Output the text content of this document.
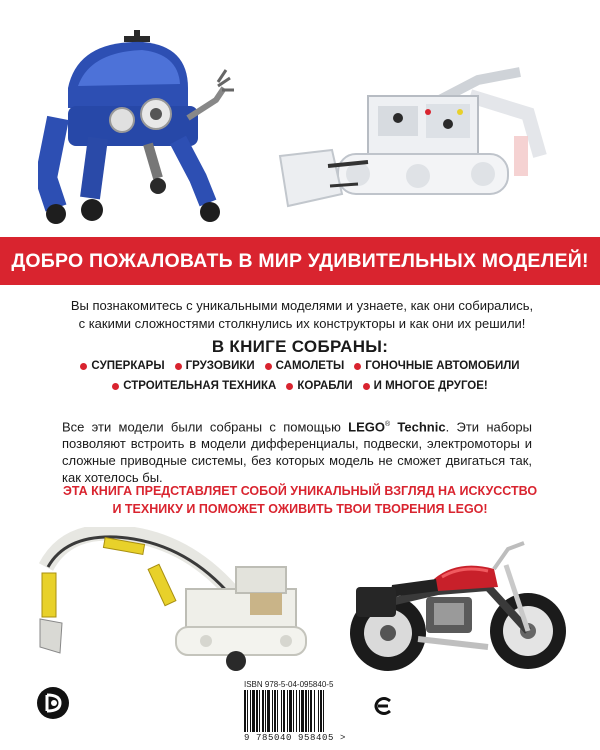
ДОБРО ПОЖАЛОВАТЬ В МИР УДИВИТЕЛЬНЫХ МОДЕЛЕЙ!

Вы познакомитесь с уникальными моделями и узнаете, как они собирались,
с какими сложностями столкнулись их конструкторы и как они их решили!

В КНИГЕ СОБРАНЫ:

СУПЕРКАРЫ ГРУЗОВИКИ САМОЛЕТЫ ГОНОЧНЫЕ АВТОМОБИЛИ
СТРОИТЕЛЬНАЯ ТЕХНИКА КОРАБЛИ И МНОГОЕ ДРУГОЕ!

Все эти модели были собраны с помощью LEGO® Technic. Эти наборы позволяют встроить в модели дифференциалы, подвески, электромоторы и сложные приводные системы, без которых модель не сможет двигаться так, как хотелось бы.

ЭТА КНИГА ПРЕДСТАВЛЯЕТ СОБОЙ УНИКАЛЬНЫЙ ВЗГЛЯД НА ИСКУССТВО
И ТЕХНИКУ И ПОМОЖЕТ ОЖИВИТЬ ТВОИ ТВОРЕНИЯ LEGO!

ISBN 978-5-04-095840-5

9 785040 958405 >
